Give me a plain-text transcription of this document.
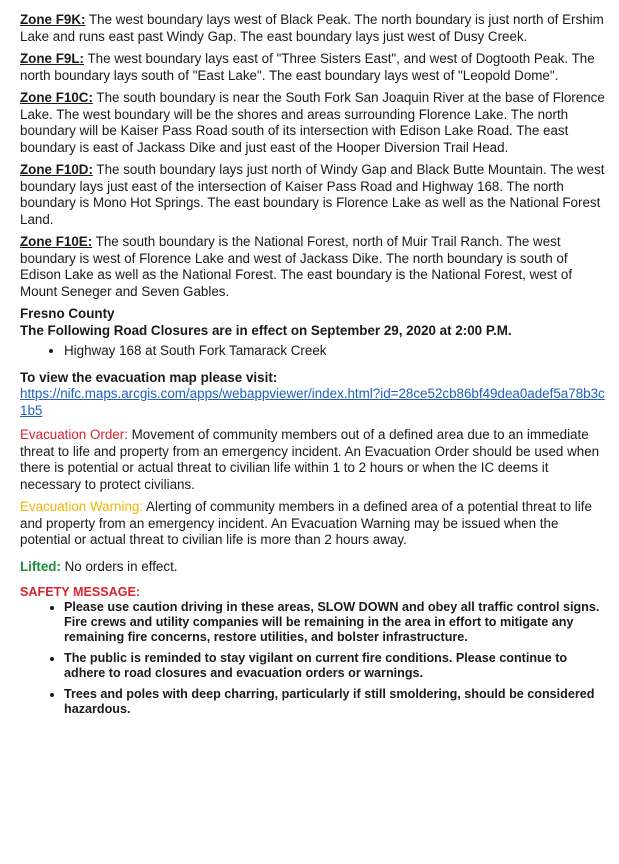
Zone F9K: The west boundary lays west of Black Peak. The north boundary is just north of Ershim Lake and runs east past Windy Gap. The east boundary lays just west of Dusy Creek.

Zone F9L: The west boundary lays east of "Three Sisters East", and west of Dogtooth Peak. The north boundary lays south of "East Lake". The east boundary lays west of "Leopold Dome".

Zone F10C: The south boundary is near the South Fork San Joaquin River at the base of Florence Lake. The west boundary will be the shores and areas surrounding Florence Lake. The north boundary will be Kaiser Pass Road south of its intersection with Edison Lake Road. The east boundary is east of Jackass Dike and just east of the Hooper Diversion Trail Head.

Zone F10D: The south boundary lays just north of Windy Gap and Black Butte Mountain. The west boundary lays just east of the intersection of Kaiser Pass Road and Highway 168. The north boundary is Mono Hot Springs. The east boundary is Florence Lake as well as the National Forest Land.

Zone F10E: The south boundary is the National Forest, north of Muir Trail Ranch. The west boundary is west of Florence Lake and west of Jackass Dike. The north boundary is south of Edison Lake as well as the National Forest. The east boundary is the National Forest, west of Mount Seneger and Seven Gables.

Fresno County

The Following Road Closures are in effect on September 29, 2020 at 2:00 P.M.

• Highway 168 at South Fork Tamarack Creek

To view the evacuation map please visit:

https://nifc.maps.arcgis.com/apps/webappviewer/index.html?id=28ce52cb86bf49dea0adef5a78b3c1b5

Evacuation Order: Movement of community members out of a defined area due to an immediate threat to life and property from an emergency incident. An Evacuation Order should be used when there is potential or actual threat to civilian life within 1 to 2 hours or when the IC deems it necessary to protect civilians.

Evacuation Warning: Alerting of community members in a defined area of a potential threat to life and property from an emergency incident. An Evacuation Warning may be issued when the potential or actual threat to civilian life is more than 2 hours away.

Lifted: No orders in effect.

SAFETY MESSAGE:

• Please use caution driving in these areas, SLOW DOWN and obey all traffic control signs. Fire crews and utility companies will be remaining in the area in effort to mitigate any remaining fire concerns, restore utilities, and bolster infrastructure.
• The public is reminded to stay vigilant on current fire conditions. Please continue to adhere to road closures and evacuation orders or warnings.
• Trees and poles with deep charring, particularly if still smoldering, should be considered hazardous.
